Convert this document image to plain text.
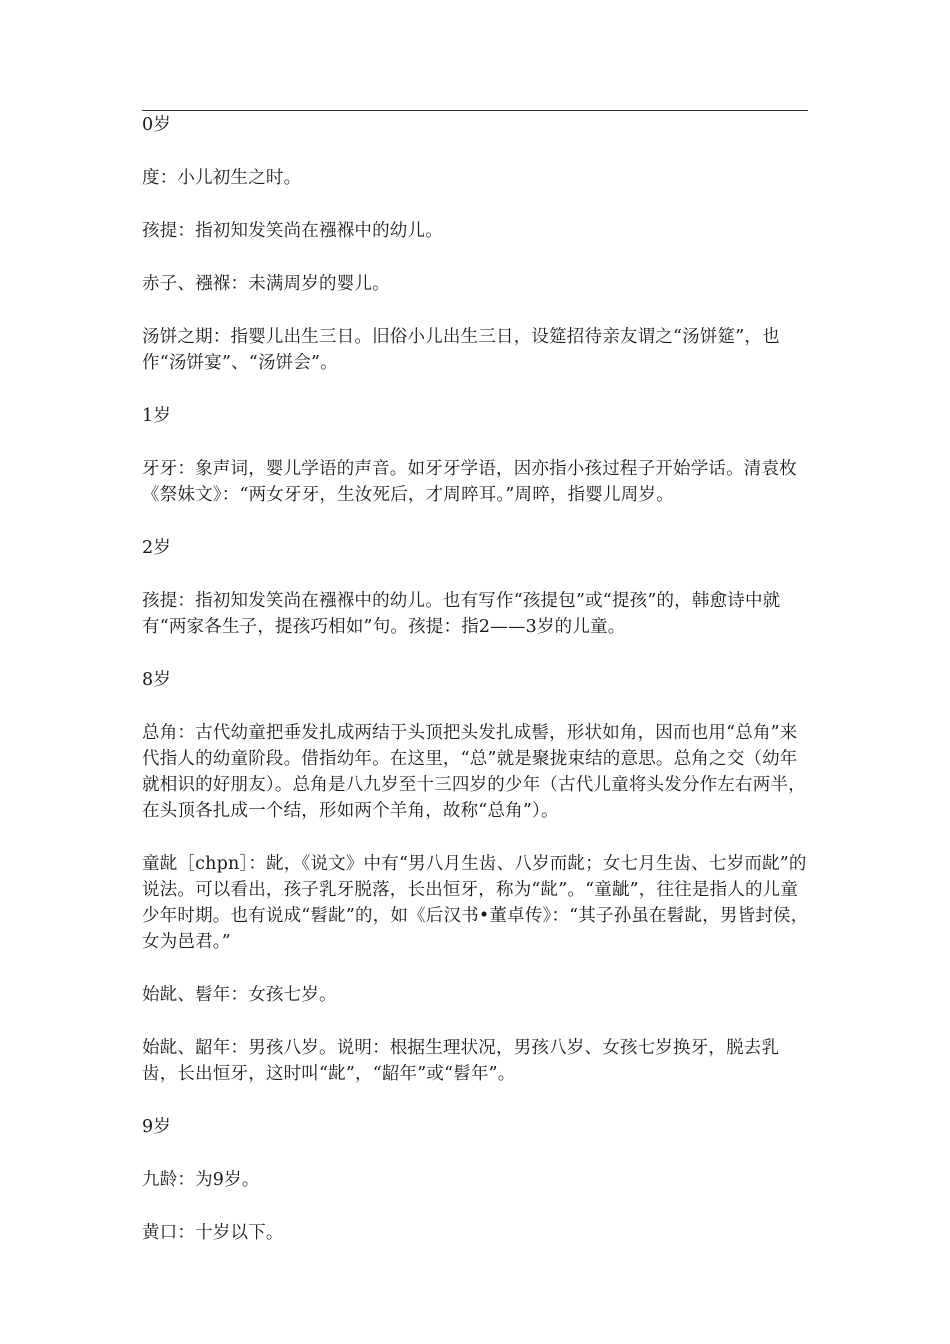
0岁

度：小儿初生之时。

孩提：指初知发笑尚在襁褓中的幼儿。

赤子、襁褓：未满周岁的婴儿。

汤饼之期：指婴儿出生三日。旧俗小儿出生三日，设筵招待亲友谓之“汤饼筵”，也作“汤饼宴”、“汤饼会”。

1岁

牙牙：象声词，婴儿学语的声音。如牙牙学语，因亦指小孩过程子开始学话。清袁枚《祭妹文》：“两女牙牙，生汝死后，才周晬耳。”周晬，指婴儿周岁。

2岁

孩提：指初知发笑尚在襁褓中的幼儿。也有写作“孩提包”或“提孩”的，韩愈诗中就有“两家各生子，提孩巧相如”句。孩提：指2——3岁的儿童。

8岁

总角：古代幼童把垂发扎成两结于头顶把头发扎成髻，形状如角，因而也用“总角”来代指人的幼童阶段。借指幼年。在这里，“总”就是聚拢束结的意思。总角之交（幼年就相识的好朋友）。总角是八九岁至十三四岁的少年（古代儿童将头发分作左右两半，在头顶各扎成一个结，形如两个羊角，故称“总角”）。

童龀［chpn］：龀，《说文》中有“男八月生齿、八岁而龀；女七月生齿、七岁而龀”的说法。可以看出，孩子乳牙脱落，长出恒牙，称为“龀”。“童龇”，往往是指人的儿童少年时期。也有说成“髫龀”的，如《后汉书•董卓传》：“其子孙虽在髫龀，男皆封侯，女为邑君。”

始龀、髫年：女孩七岁。

始龀、龆年：男孩八岁。说明：根据生理状况，男孩八岁、女孩七岁换牙，脱去乳齿，长出恒牙，这时叫“龀”，“龆年”或“髫年”。

9岁

九龄：为9岁。

黄口：十岁以下。
